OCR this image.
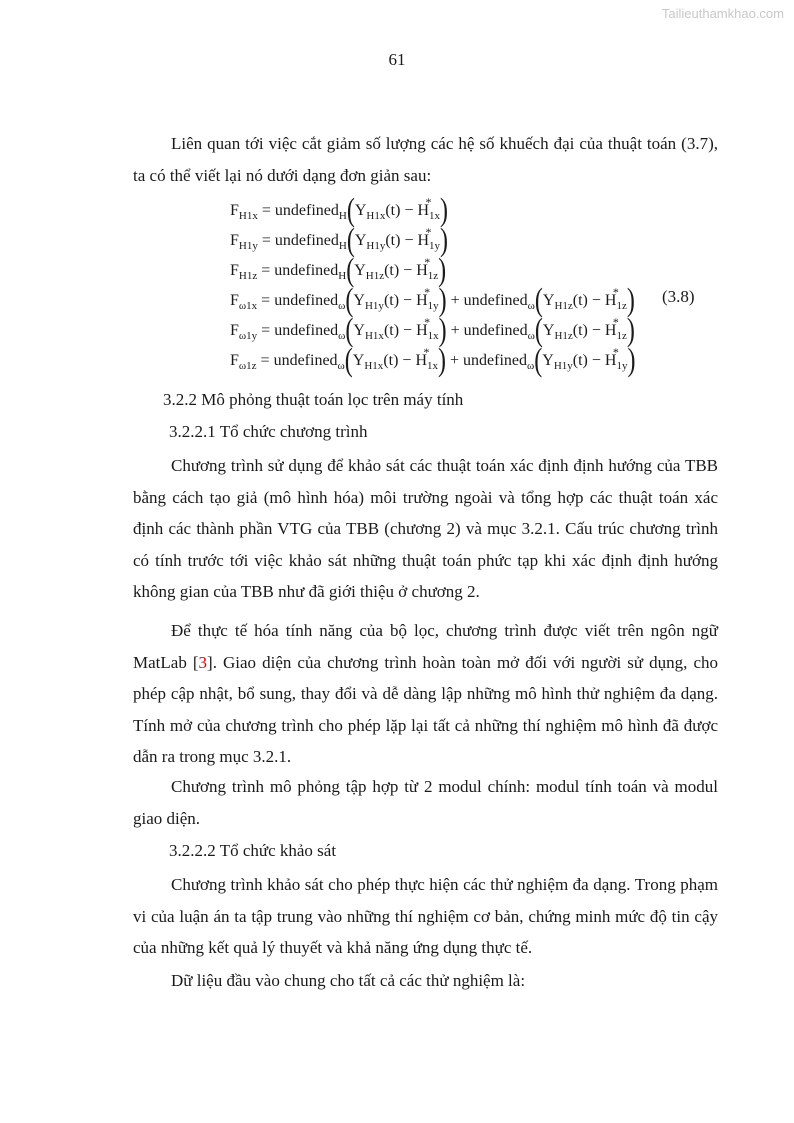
Tailieuthamkhao.com
61

Liên quan tới việc cắt giảm số lượng các hệ số khuếch đại của thuật toán (3.7), ta có thể viết lại nó dưới dạng đơn giản sau:

$F_{H1x}$ = $undefined_H(Y_{H1x}(t) - H_{1x}$
* )
$F_{H1y}$ = $undefined_H(Y_{H1y}(t) - H_{1y}$
* )
$F_{H1z}$ = $undefined_H(Y_{H1z}(t) - H_{1z}$
* )
$F_{\omega 1x}$ = $undefined_\omega(Y_{H1y}(t) - H_{1y}$
* ) + $undefined_\omega(Y_{H1z}(t) - H_{1z}$
* )
$F_{\omega 1y}$ = $undefined_\omega(Y_{H1x}(t) - H_{1x}$
* ) + $undefined_\omega(Y_{H1z}(t) - H_{1z}$
* )
$F_{\omega 1z}$ = $undefined_\omega(Y_{H1x}(t) - H_{1x}$
* ) + $undefined_\omega(Y_{H1y}(t) - H_{1y}$
* )
(3.8)
3.2.2 Mô phỏng thuật toán lọc trên máy tính
3.2.2.1 Tổ chức chương trình

Chương trình sử dụng để khảo sát các thuật toán xác định định hướng của TBB bằng cách tạo giả (mô hình hóa) môi trường ngoài và tổng hợp các thuật toán xác định các thành phần VTG của TBB (chương 2) và mục 3.2.1. Cấu trúc chương trình có tính trước tới việc khảo sát những thuật toán phức tạp khi xác định định hướng không gian của TBB như đã giới thiệu ở chương 2.

Để thực tế hóa tính năng của bộ lọc, chương trình được viết trên ngôn ngữ MatLab [3]. Giao diện của chương trình hoàn toàn mở đối với người sử dụng, cho phép cập nhật, bổ sung, thay đổi và dễ dàng lập những mô hình thử nghiệm đa dạng. Tính mở của chương trình cho phép lặp lại tất cả những thí nghiệm mô hình đã được dẫn ra trong mục 3.2.1.

Chương trình mô phỏng tập hợp từ 2 modul chính: modul tính toán và modul giao diện.

3.2.2.2 Tổ chức khảo sát

Chương trình khảo sát cho phép thực hiện các thử nghiệm đa dạng. Trong phạm vi của luận án ta tập trung vào những thí nghiệm cơ bản, chứng minh mức độ tin cậy của những kết quả lý thuyết và khả năng ứng dụng thực tế.

Dữ liệu đầu vào chung cho tất cả các thử nghiệm là:
